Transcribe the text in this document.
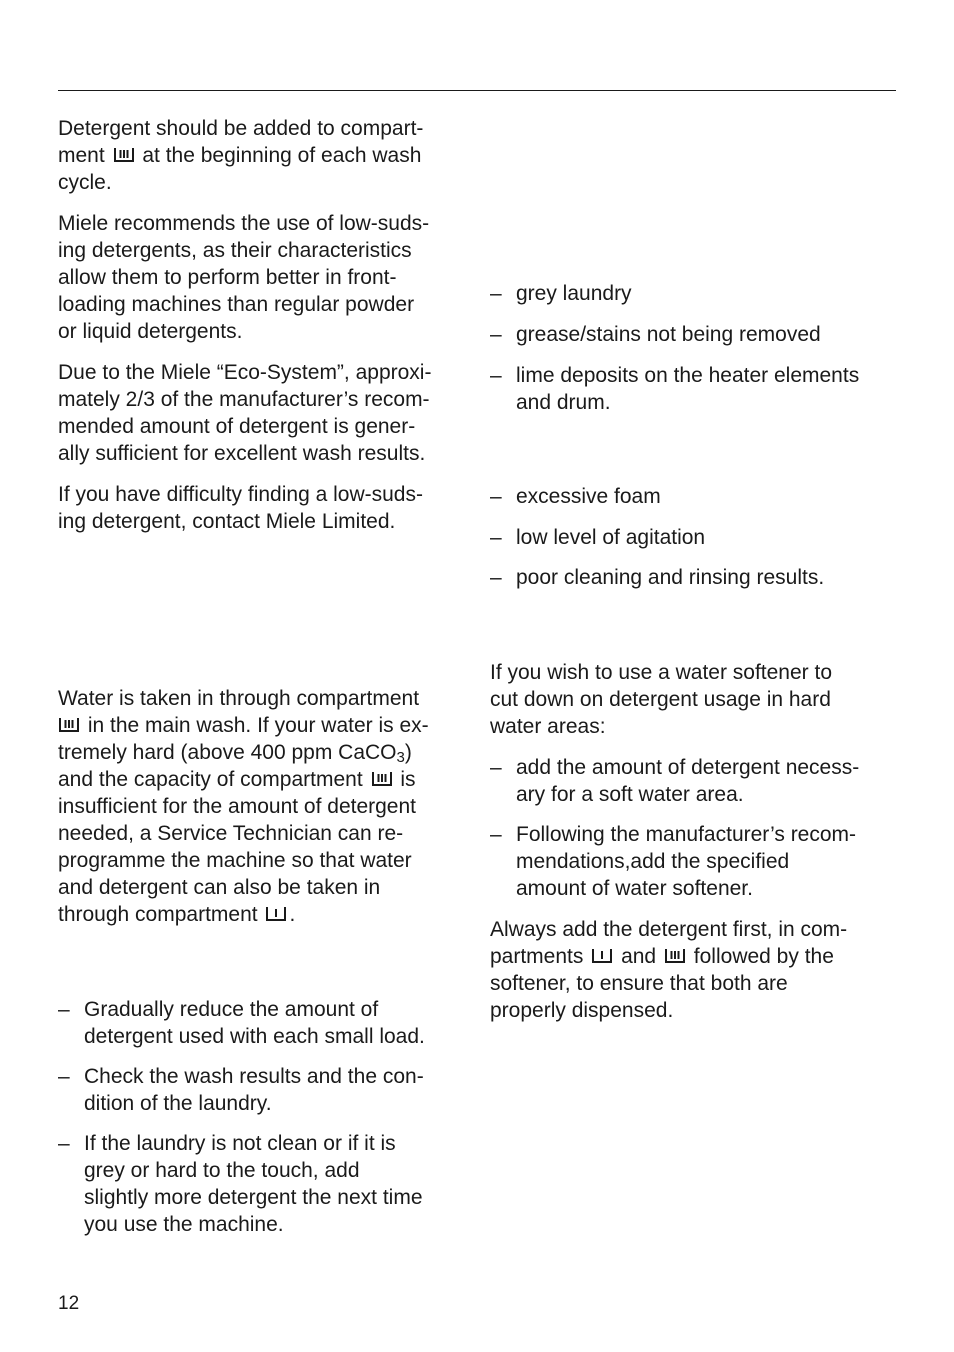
Detergent should be added to compart-
ment at the beginning of each wash
cycle.
Miele recommends the use of low-suds-
ing detergents, as their characteristics
allow them to perform better in front-
loading machines than regular powder
or liquid detergents.
Due to the Miele “Eco-System”, approxi-
mately 2/3 of the manufacturer’s recom-
mended amount of detergent is gener-
ally sufficient for excellent wash results.
If you have difficulty finding a low-suds-
ing detergent, contact Miele Limited.
Water is taken in through compartment
in the main wash. If your water is ex-
tremely hard (above 400 ppm CaCO$_3$)
and the capacity of compartment is
insufficient for the amount of detergent
needed, a Service Technician can re-
programme the machine so that water
and detergent can also be taken in
through compartment .
– Gradually reduce the amount of
detergent used with each small load.
– Check the wash results and the con-
dition of the laundry.
– If the laundry is not clean or if it is
grey or hard to the touch, add
slightly more detergent the next time
you use the machine.
– grey laundry
– grease/stains not being removed
– lime deposits on the heater elements
and drum.
– excessive foam
– low level of agitation
– poor cleaning and rinsing results.
If you wish to use a water softener to
cut down on detergent usage in hard
water areas:
– add the amount of detergent necess-
ary for a soft water area.
– Following the manufacturer’s recom-
mendations,add the specified
amount of water softener.
Always add the detergent first, in com-
partments and followed by the
softener, to ensure that both are
properly dispensed.
12
